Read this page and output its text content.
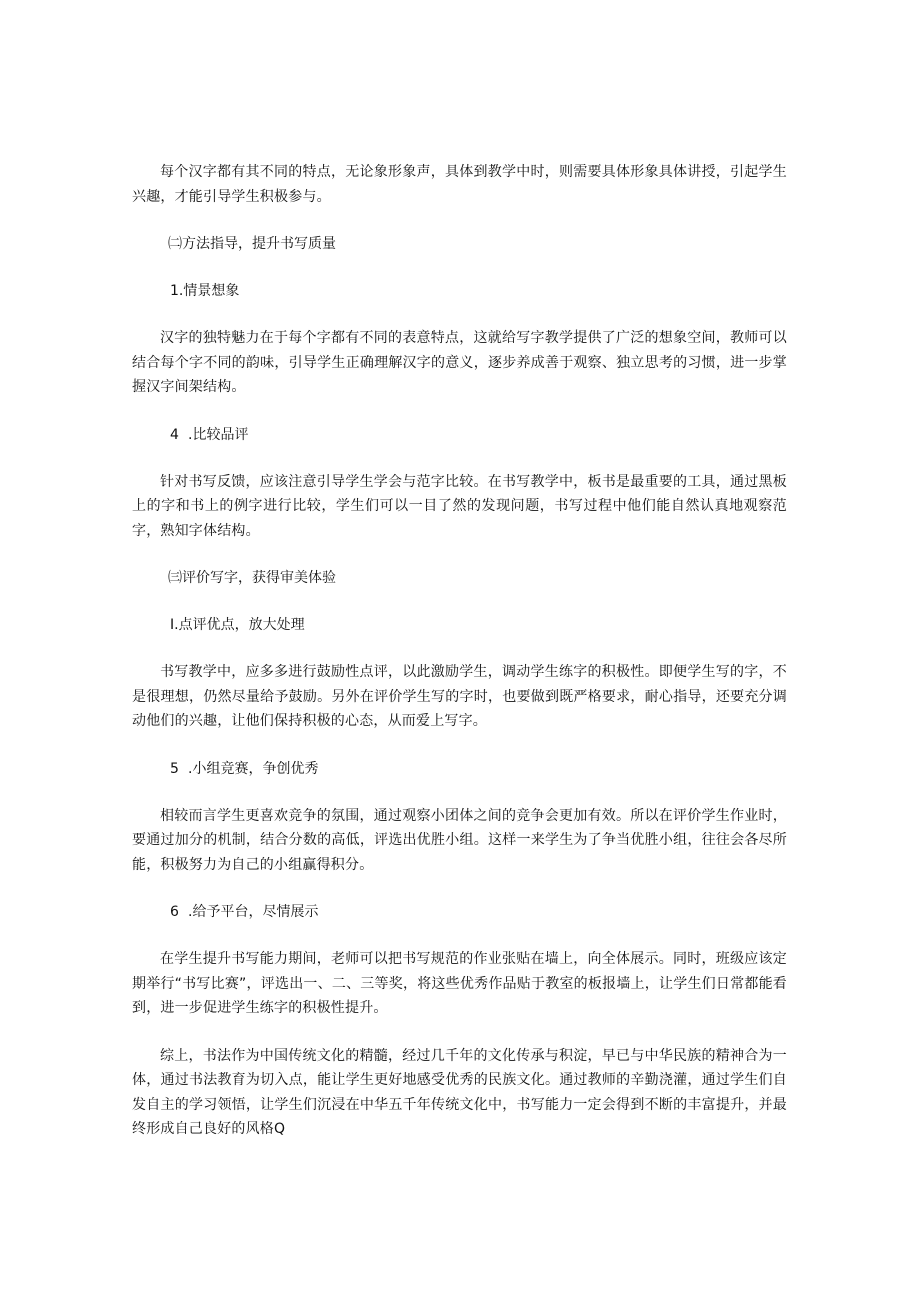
每个汉字都有其不同的特点，无论象形象声，具体到教学中时，则需要具体形象具体讲授，引起学生兴趣，才能引导学生积极参与。

㈡方法指导，提升书写质量
1.情景想象

汉字的独特魅力在于每个字都有不同的表意特点，这就给写字教学提供了广泛的想象空间，教师可以结合每个字不同的韵味，引导学生正确理解汉字的意义，逐步养成善于观察、独立思考的习惯，进一步掌握汉字间架结构。

4 .比较品评

针对书写反馈，应该注意引导学生学会与范字比较。在书写教学中，板书是最重要的工具，通过黑板上的字和书上的例字进行比较，学生们可以一目了然的发现问题，书写过程中他们能自然认真地观察范字，熟知字体结构。

㈢评价写字，获得审美体验
I.点评优点，放大处理

书写教学中，应多多进行鼓励性点评，以此激励学生，调动学生练字的积极性。即便学生写的字，不是很理想，仍然尽量给予鼓励。另外在评价学生写的字时，也要做到既严格要求，耐心指导，还要充分调动他们的兴趣，让他们保持积极的心态，从而爱上写字。

5 .小组竞赛，争创优秀

相较而言学生更喜欢竞争的氛围，通过观察小团体之间的竞争会更加有效。所以在评价学生作业时，要通过加分的机制，结合分数的高低，评选出优胜小组。这样一来学生为了争当优胜小组，往往会各尽所能，积极努力为自己的小组赢得积分。

6 .给予平台，尽情展示

在学生提升书写能力期间，老师可以把书写规范的作业张贴在墙上，向全体展示。同时，班级应该定期举行“书写比赛”，评选出一、二、三等奖，将这些优秀作品贴于教室的板报墙上，让学生们日常都能看到，进一步促进学生练字的积极性提升。

综上，书法作为中国传统文化的精髓，经过几千年的文化传承与积淀，早已与中华民族的精神合为一体，通过书法教育为切入点，能让学生更好地感受优秀的民族文化。通过教师的辛勤浇灌，通过学生们自发自主的学习领悟，让学生们沉浸在中华五千年传统文化中，书写能力一定会得到不断的丰富提升，并最终形成自己良好的风格Q
